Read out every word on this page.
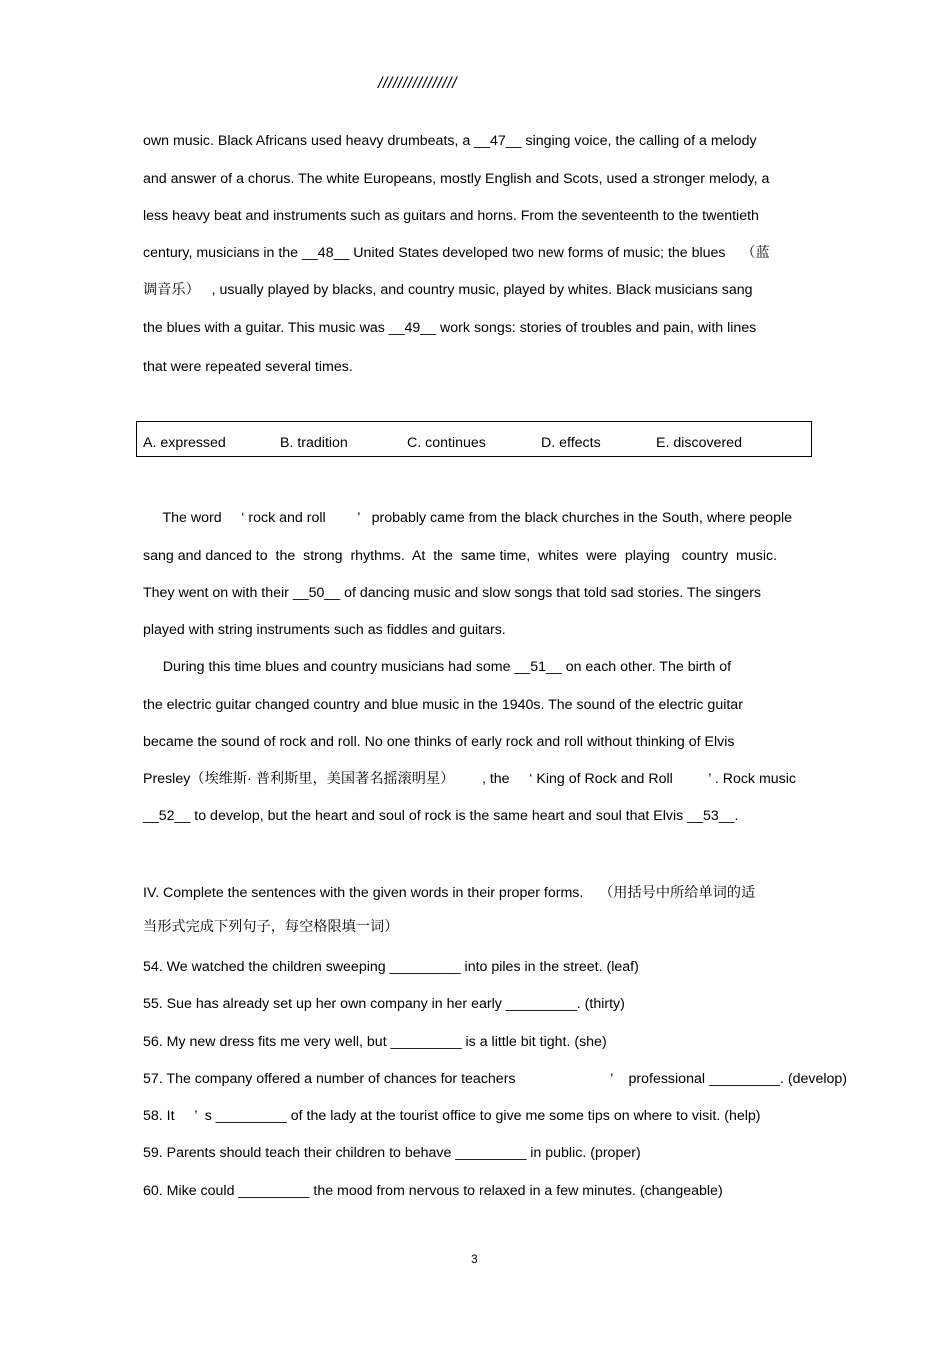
////////////////
own music. Black Africans used heavy drumbeats, a __47__ singing voice, the calling of a melody
and answer of a chorus. The white Europeans, mostly English and Scots, used a stronger melody, a
less heavy beat and instruments such as guitars and horns. From the seventeenth to the twentieth
century, musicians in the __48__ United States developed two new forms of music; the blues    （蓝
调音乐）   , usually played by blacks, and country music, played by whites. Black musicians sang
the blues with a guitar. This music was __49__ work songs: stories of troubles and pain, with lines
that were repeated several times.
A. expressed	B. tradition	C. continues	D. effects	E. discovered
The word     ‘ rock and roll        ’   probably came from the black churches in the South, where people
sang and danced to  the  strong  rhythms.  At  the  same time,  whites  were  playing   country  music.
They went on with their __50__ of dancing music and slow songs that told sad stories. The singers
played with string instruments such as fiddles and guitars.
During this time blues and country musicians had some __51__ on each other. The birth of
the electric guitar changed country and blue music in the 1940s. The sound of the electric guitar
became the sound of rock and roll. No one thinks of early rock and roll without thinking of Elvis
Presley（埃维斯· 普利斯里，美国著名摇滚明星）       , the     ‘ King of Rock and Roll         ’ . Rock music
__52__ to develop, but the heart and soul of rock is the same heart and soul that Elvis __53__.
IV. Complete the sentences with the given words in their proper forms.    （用括号中所给单词的适
当形式完成下列句子，每空格限填一词）
54. We watched the children sweeping _________ into piles in the street. (leaf)
55. Sue has already set up her own company in her early _________. (thirty)
56. My new dress fits me very well, but _________ is a little bit tight. (she)
57. The company offered a number of chances for teachers                        ’    professional _________. (develop)
58. It     ’  s _________ of the lady at the tourist office to give me some tips on where to visit. (help)
59. Parents should teach their children to behave _________ in public. (proper)
60. Mike could _________ the mood from nervous to relaxed in a few minutes. (changeable)
3
